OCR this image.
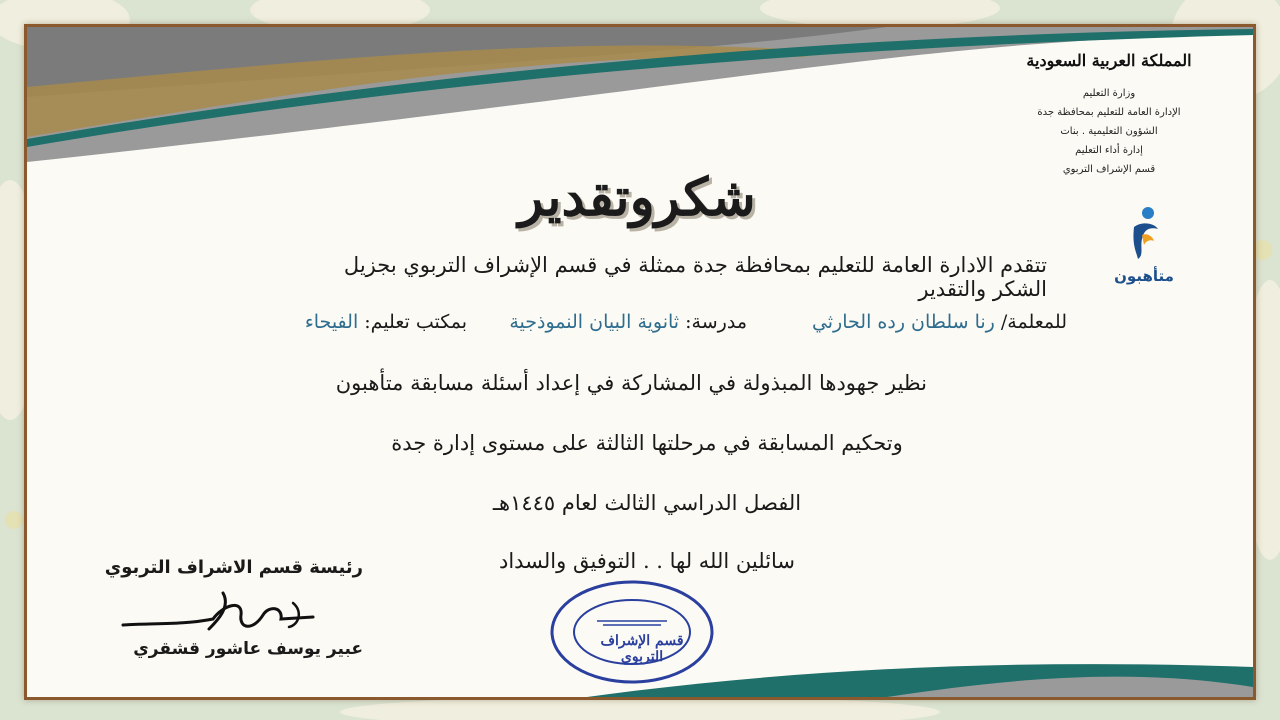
المملكة العربية السعودية
وزارة التعليم
الإدارة العامة للتعليم بمحافظة جدة
الشؤون التعليمية . بنات
إدارة أداء التعليم
قسم الإشراف التربوي
متأهبون
شكروتقدير
تتقدم الادارة العامة للتعليم بمحافظة جدة ممثلة في قسم الإشراف التربوي بجزيل الشكر والتقدير
للمعلمة/ رنا سلطان رده الحارثي
مدرسة: ثانوية البيان النموذجية
بمكتب تعليم: الفيحاء
نظير جهودها المبذولة في المشاركة في إعداد أسئلة مسابقة متأهبون
وتحكيم المسابقة في مرحلتها الثالثة على مستوى إدارة جدة
الفصل الدراسي الثالث لعام ١٤٤٥هـ
سائلين الله لها . . التوفيق والسداد
رئيسة قسم الاشراف التربوي
عبير يوسف عاشور قشقري	قسم الإشراف التربوي
